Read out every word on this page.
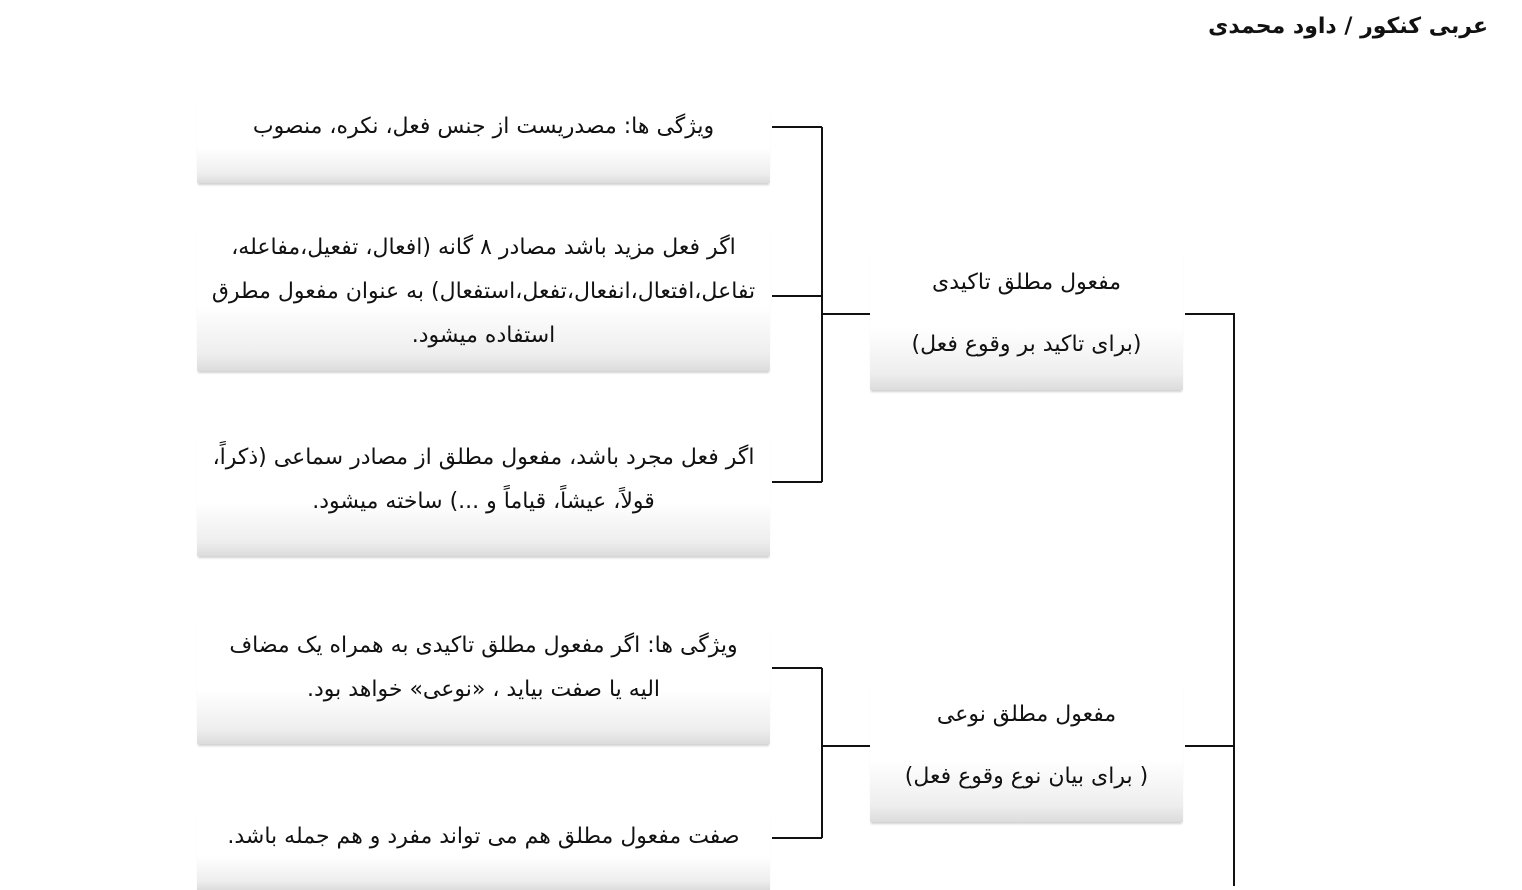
عربی کنکور / داود محمدی
مفعول مطلق تاکیدی
(برای تاکید بر وقوع فعل)
ویژگی ها: مصدریست از جنس فعل، نکره، منصوب
اگر فعل مزید باشد مصادر ۸ گانه (افعال، تفعیل،مفاعله،
تفاعل،افتعال،انفعال،تفعل،استفعال) به عنوان مفعول مطرق
استفاده میشود.
اگر فعل مجرد باشد، مفعول مطلق از مصادر سماعی (ذکراً،
قولاً، عیشاً، قیاماً و ...) ساخته میشود.
مفعول مطلق نوعی
( برای بیان نوع وقوع فعل)
ویژگی ها: اگر مفعول مطلق تاکیدی به همراه یک مضاف
الیه یا صفت بیاید ، «نوعی» خواهد بود.
صفت مفعول مطلق هم می تواند مفرد و هم جمله باشد.
